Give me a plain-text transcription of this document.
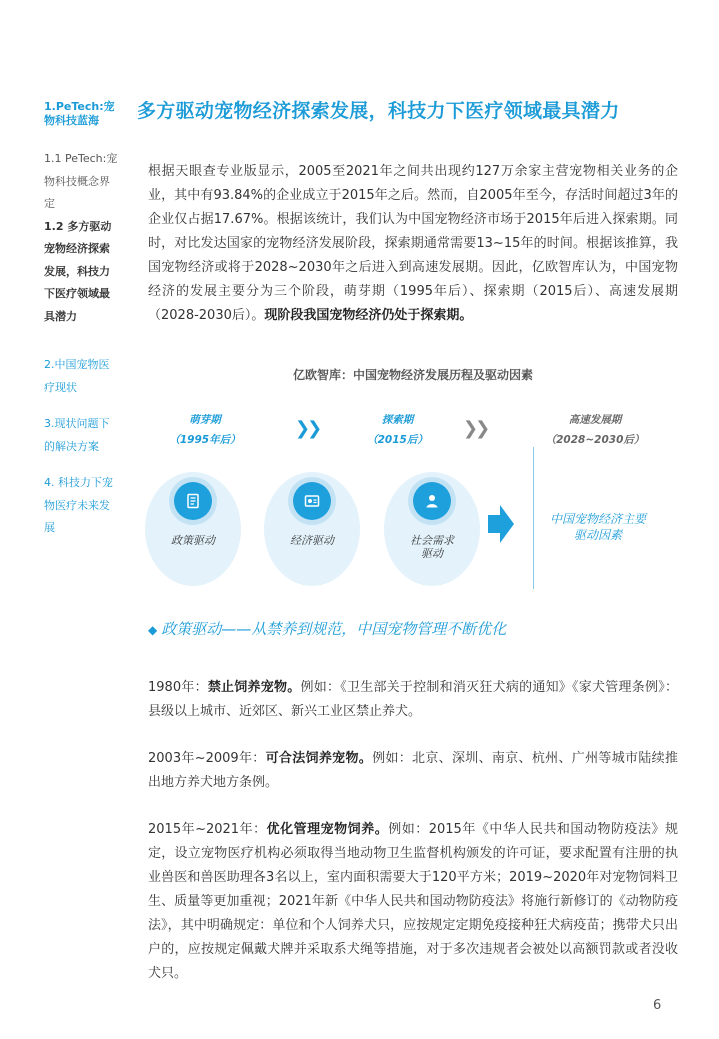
1.PeTech:宠物科技蓝海
1.1 PeTech:宠物科技概念界定
1.2 多方驱动宠物经济探索发展，科技力下医疗领域最具潜力
2.中国宠物医疗现状
3.现状问题下的解决方案
4. 科技力下宠物医疗未来发展
多方驱动宠物经济探索发展，科技力下医疗领域最具潜力
根据天眼查专业版显示，2005至2021年之间共出现约127万余家主营宠物相关业务的企业，其中有93.84%的企业成立于2015年之后。然而，自2005年至今，存活时间超过3年的企业仅占据17.67%。根据该统计，我们认为中国宠物经济市场于2015年后进入探索期。同时，对比发达国家的宠物经济发展阶段，探索期通常需要13~15年的时间。根据该推算，我国宠物经济或将于2028~2030年之后进入到高速发展期。因此，亿欧智库认为，中国宠物经济的发展主要分为三个阶段，萌芽期（1995年后）、探索期（2015后）、高速发展期（2028-2030后）。现阶段我国宠物经济仍处于探索期。
亿欧智库：中国宠物经济发展历程及驱动因素
萌芽期
（1995年后）
❯❯	探索期
（2015后）
❯❯	高速发展期
（2028~2030后）
政策驱动	经济驱动	社会需求驱动
中国宠物经济主要驱动因素
◆ 政策驱动——从禁养到规范，中国宠物管理不断优化
1980年：禁止饲养宠物。例如：《卫生部关于控制和消灭狂犬病的通知》《家犬管理条例》：县级以上城市、近郊区、新兴工业区禁止养犬。
2003年~2009年：可合法饲养宠物。例如：北京、深圳、南京、杭州、广州等城市陆续推出地方养犬地方条例。
2015年~2021年：优化管理宠物饲养。例如：2015年《中华人民共和国动物防疫法》规定，设立宠物医疗机构必须取得当地动物卫生监督机构颁发的许可证，要求配置有注册的执业兽医和兽医助理各3名以上，室内面积需要大于120平方米；2019~2020年对宠物饲料卫生、质量等更加重视；2021年新《中华人民共和国动物防疫法》将施行新修订的《动物防疫法》，其中明确规定：单位和个人饲养犬只，应按规定定期免疫接种狂犬病疫苗；携带犬只出户的，应按规定佩戴犬牌并采取系犬绳等措施，对于多次违规者会被处以高额罚款或者没收犬只。
6
